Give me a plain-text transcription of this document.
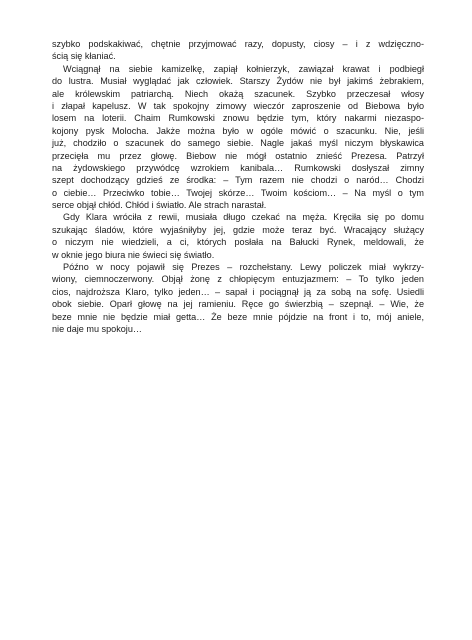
szybko podskakiwać, chętnie przyjmować razy, dopusty, ciosy – i z wdzięczno-
ścią się kłaniać.
Wciągnął na siebie kamizelkę, zapiął kołnierzyk, zawiązał krawat i podbiegł
do lustra. Musiał wyglądać jak człowiek. Starszy Żydów nie był jakimś żebrakiem,
ale królewskim patriarchą. Niech okażą szacunek. Szybko przeczesał włosy
i złapał kapelusz. W tak spokojny zimowy wieczór zaproszenie od Biebowa było
losem na loterii. Chaim Rumkowski znowu będzie tym, który nakarmi niezaspo-
kojony pysk Molocha. Jakże można było w ogóle mówić o szacunku. Nie, jeśli
już, chodziło o szacunek do samego siebie. Nagle jakaś myśl niczym błyskawica
przecięła mu przez głowę. Biebow nie mógł ostatnio znieść Prezesa. Patrzył
na żydowskiego przywódcę wzrokiem kanibala… Rumkowski dosłyszał zimny
szept dochodzący gdzieś ze środka: – Tym razem nie chodzi o naród… Chodzi
o ciebie… Przeciwko tobie… Twojej skórze… Twoim kościom… – Na myśl o tym
serce objął chłód. Chłód i światło. Ale strach narastał.
Gdy Klara wróciła z rewii, musiała długo czekać na męża. Kręciła się po domu
szukając śladów, które wyjaśniłyby jej, gdzie może teraz być. Wracający służący
o niczym nie wiedzieli, a ci, których posłała na Bałucki Rynek, meldowali, że
w oknie jego biura nie świeci się światło.
Późno w nocy pojawił się Prezes – rozchełstany. Lewy policzek miał wykrzy-
wiony, ciemnoczerwony. Objął żonę z chłopięcym entuzjazmem: – To tylko jeden
cios, najdroższa Klaro, tylko jeden… – sapał i pociągnął ją za sobą na sofę. Usiedli
obok siebie. Oparł głowę na jej ramieniu. Ręce go świerzbią – szepnął. – Wie, że
beze mnie nie będzie miał getta… Że beze mnie pójdzie na front i to, mój aniele,
nie daje mu spokoju…
